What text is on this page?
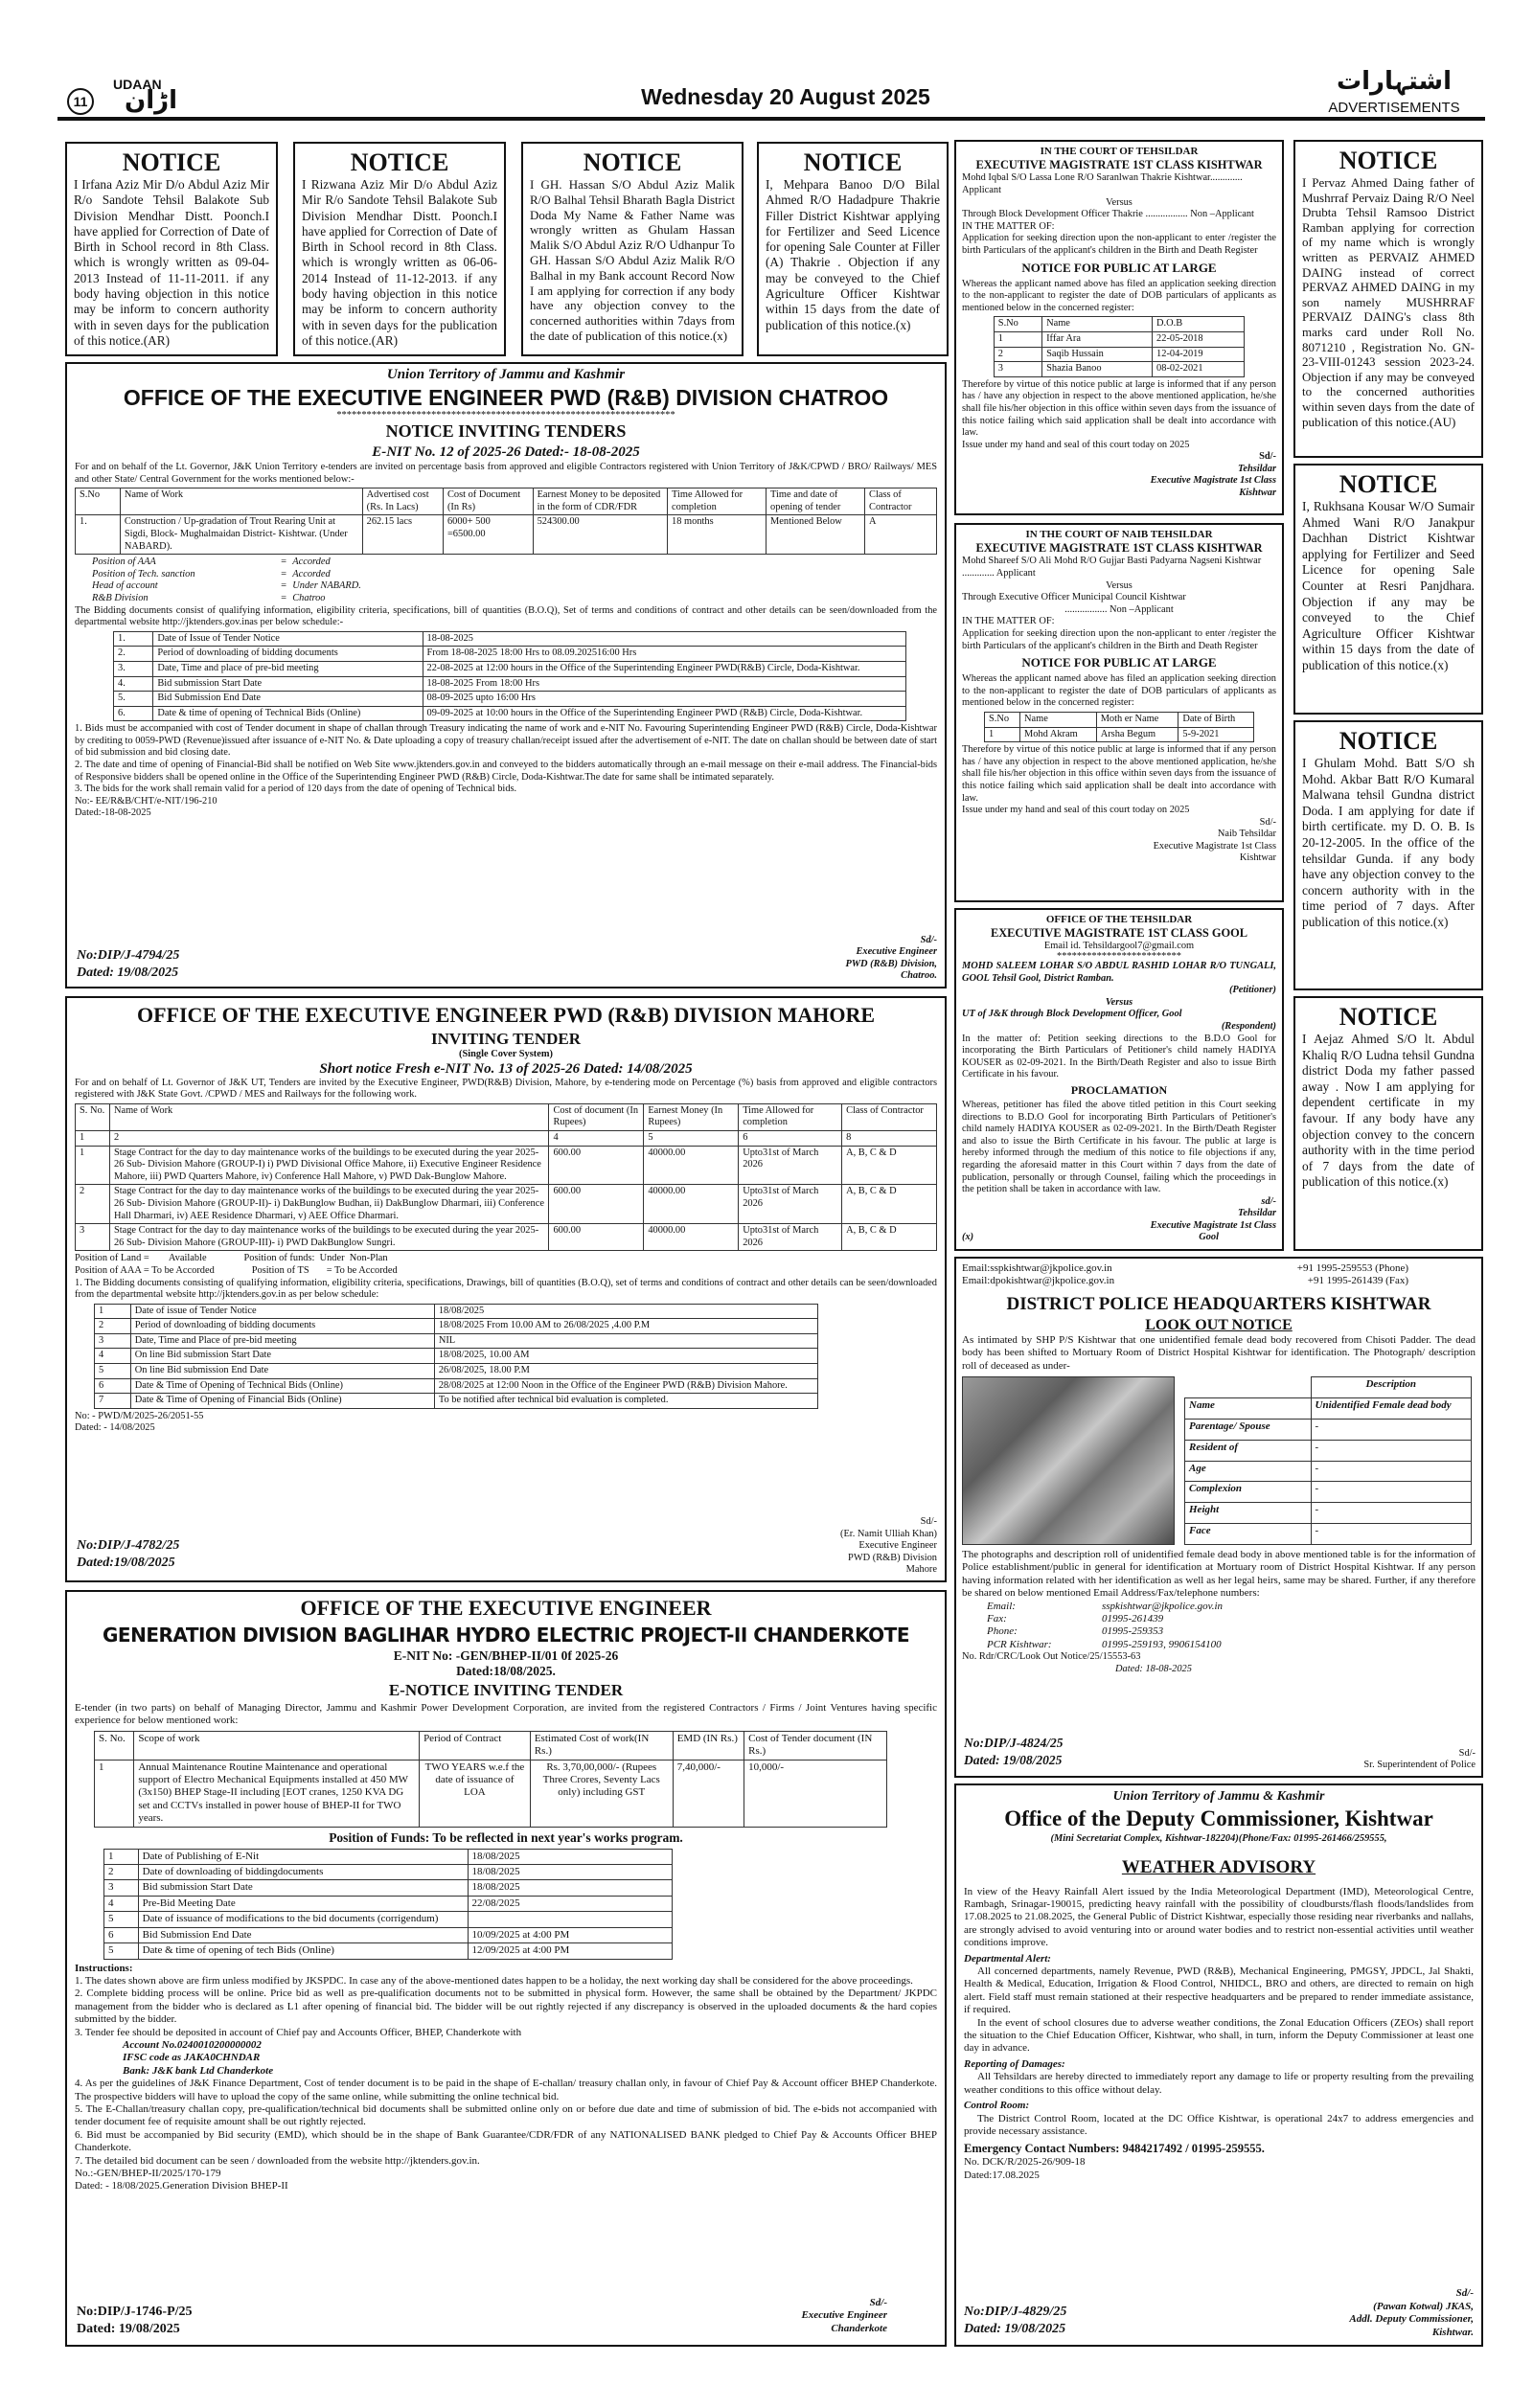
11
UDAAN
اڑان	Wednesday 20 August 2025
اشتہارات
ADVERTISEMENTS
NOTICE
I Irfana Aziz Mir D/o Abdul Aziz Mir R/o Sandote Tehsil Balakote Sub Division Mendhar Distt. Poonch.I have applied for Correction of Date of Birth in School record in 8th Class. which is wrongly written as 09-04-2013 Instead of 11-11-2011. if any body having objection in this notice may be inform to concern authority with in seven days for the publication of this notice.(AR)
NOTICE
I Rizwana Aziz Mir D/o Abdul Aziz Mir R/o Sandote Tehsil Balakote Sub Division Mendhar Distt. Poonch.I have applied for Correction of Date of Birth in School record in 8th Class. which is wrongly written as 06-06-2014 Instead of 11-12-2013. if any body having objection in this notice may be inform to concern authority with in seven days for the publication of this notice.(AR)
NOTICE
I GH. Hassan S/O Abdul Aziz Malik R/O Balhal Tehsil Bharath Bagla District Doda My Name & Father Name was wrongly written as Ghulam Hassan Malik S/O Abdul Aziz R/O Udhanpur To GH. Hassan S/O Abdul Aziz Malik R/O Balhal in my Bank account Record Now I am applying for correction if any body have any objection convey to the concerned authorities within 7days from the date of publication of this notice.(x)
NOTICE
I, Mehpara Banoo D/O Bilal Ahmed R/O Hadadpure Thakrie Filler District Kishtwar applying for Fertilizer and Seed Licence for opening Sale Counter at Filler (A) Thakrie . Objection if any may be conveyed to the Chief Agriculture Officer Kishtwar within 15 days from the date of publication of this notice.(x)
IN THE COURT OF TEHSILDAR
EXECUTIVE MAGISTRATE 1ST CLASS KISHTWAR
Mohd Iqbal S/O Lassa Lone R/O Saranlwan Thakrie Kishtwar............. Applicant
Versus
Through Block Development Officer Thakrie ................. Non –Applicant
IN THE MATTER OF:
Application for seeking direction upon the non-applicant to enter /register the birth Particulars of the applicant's children in the Birth and Death Register
NOTICE FOR PUBLIC AT LARGE
Whereas the applicant named above has filed an application seeking direction to the non-applicant to register the date of DOB particulars of applicants as mentioned below in the concerned register:
S.No	Name	D.O.B
1	Iffar Ara	22-05-2018
2	Saqib Hussain	12-04-2019
3	Shazia Banoo	08-02-2021
Therefore by virtue of this notice public at large is informed that if any person has / have any objection in respect to the above mentioned application, he/she shall file his/her objection in this office within seven days from the issuance of this notice failing which said application shall be dealt into accordance with law.
Issue under my hand and seal of this court today on 2025
Sd/-
Tehsildar
Executive Magistrate 1st Class
Kishtwar
NOTICE
I Pervaz Ahmed Daing father of Mushrraf Pervaiz Daing R/O Neel Drubta Tehsil Ramsoo District Ramban applying for correction of my name which is wrongly written as PERVAIZ AHMED DAING instead of correct PERVAZ AHMED DAING in my son namely MUSHRRAF PERVAIZ DAING's class 8th marks card under Roll No. 8071210 , Registration No. GN-23-VIII-01243 session 2023-24. Objection if any may be conveyed to the concerned authorities within seven days from the date of publication of this notice.(AU)
Union Territory of Jammu and Kashmir
OFFICE OF THE EXECUTIVE ENGINEER PWD (R&B) DIVISION CHATROO
********************************************************************
NOTICE INVITING TENDERS
E-NIT No. 12 of 2025-26 Dated:- 18-08-2025
For and on behalf of the Lt. Governor, J&K Union Territory e-tenders are invited on percentage basis from approved and eligible Contractors registered with Union Territory of J&K/CPWD / BRO/ Railways/ MES and other State/ Central Government for the works mentioned below:-
S.No	Name of Work	Advertised cost (Rs. In Lacs)	Cost of Document (In Rs)	Earnest Money to be deposited in the form of CDR/FDR	Time Allowed for completion	Time and date of opening of tender	Class of Contractor
1.	Construction / Up-gradation of Trout Rearing Unit at Sigdi, Block- Mughalmaidan District- Kishtwar. (Under NABARD).	262.15 lacs	6000+ 500 =6500.00	524300.00	18 months	Mentioned Below	A
Position of AAA	=	Accorded
Position of Tech. sanction	=	Accorded
Head of account	=	Under NABARD.
R&B Division	=	Chatroo
The Bidding documents consist of qualifying information, eligibility criteria, specifications, bill of quantities (B.O.Q), Set of terms and conditions of contract and other details can be seen/downloaded from the departmental website http://jktenders.gov.inas per below schedule:-
1.	Date of Issue of Tender Notice	18-08-2025
2.	Period of downloading of bidding documents	From 18-08-2025 18:00 Hrs to 08.09.202516:00 Hrs
3.	Date, Time and place of pre-bid meeting	22-08-2025 at 12:00 hours in the Office of the Superintending Engineer PWD(R&B) Circle, Doda-Kishtwar.
4.	Bid submission Start Date	18-08-2025 From 18:00 Hrs
5.	Bid Submission End Date	08-09-2025 upto 16:00 Hrs
6.	Date & time of opening of Technical Bids (Online)	09-09-2025 at 10:00 hours in the Office of the Superintending Engineer PWD (R&B) Circle, Doda-Kishtwar.
1. Bids must be accompanied with cost of Tender document in shape of challan through Treasury indicating the name of work and e-NIT No. Favouring Superintending Engineer PWD (R&B) Circle, Doda-Kishtwar by crediting to 0059-PWD (Revenue)issued after issuance of e-NIT No. & Date uploading a copy of treasury challan/receipt issued after the advertisement of e-NIT. The date on challan should be between date of start of bid submission and bid closing date.
2. The date and time of opening of Financial-Bid shall be notified on Web Site www.jktenders.gov.in and conveyed to the bidders automatically through an e-mail message on their e-mail address. The Financial-bids of Responsive bidders shall be opened online in the Office of the Superintending Engineer PWD (R&B) Circle, Doda-Kishtwar.The date for same shall be intimated separately.
3. The bids for the work shall remain valid for a period of 120 days from the date of opening of Technical bids.
No:- EE/R&B/CHT/e-NIT/196-210
Dated:-18-08-2025
No:DIP/J-4794/25
Dated: 19/08/2025
Sd/-
Executive Engineer
PWD (R&B) Division,
Chatroo.
IN THE COURT OF NAIB TEHSILDAR
EXECUTIVE MAGISTRATE 1ST CLASS KISHTWAR
Mohd Shareef S/O Ali Mohd R/O Gujjar Basti Padyarna Nagseni Kishtwar ............. Applicant
Versus
Through Executive Officer Municipal Council Kishtwar
................. Non –Applicant
IN THE MATTER OF:
Application for seeking direction upon the non-applicant to enter /register the birth Particulars of the applicant's children in the Birth and Death Register
NOTICE FOR PUBLIC AT LARGE
Whereas the applicant named above has filed an application seeking direction to the non-applicant to register the date of DOB particulars of applicants as mentioned below in the concerned register:
S.No	Name	Moth er Name	Date of Birth
1	Mohd Akram	Arsha Begum	5-9-2021
Therefore by virtue of this notice public at large is informed that if any person has / have any objection in respect to the above mentioned application, he/she shall file his/her objection in this office within seven days from the issuance of this notice failing which said application shall be dealt into accordance with law.
Issue under my hand and seal of this court today on 2025
Sd/-
Naib Tehsildar
Executive Magistrate 1st Class
Kishtwar
NOTICE
I, Rukhsana Kousar W/O Sumair Ahmed Wani R/O Janakpur Dachhan District Kishtwar applying for Fertilizer and Seed Licence for opening Sale Counter at Resri Panjdhara. Objection if any may be conveyed to the Chief Agriculture Officer Kishtwar within 15 days from the date of publication of this notice.(x)
NOTICE
I Ghulam Mohd. Batt S/O sh Mohd. Akbar Batt R/O Kumaral Malwana tehsil Gundna district Doda. I am applying for date if birth certificate. my D. O. B. Is 20-12-2005. In the office of the tehsildar Gunda. if any body have any objection convey to the concern authority with in the time period of 7 days. After publication of this notice.(x)
NOTICE
I Aejaz Ahmed S/O lt. Abdul Khaliq R/O Ludna tehsil Gundna district Doda my father passed away . Now I am applying for dependent certificate in my favour. If any body have any objection convey to the concern authority with in the time period of 7 days from the date of publication of this notice.(x)
OFFICE OF THE TEHSILDAR
EXECUTIVE MAGISTRATE 1ST CLASS GOOL
Email id. Tehsildargool7@gmail.com
*************************
MOHD SALEEM LOHAR S/O ABDUL RASHID LOHAR R/O TUNGALI, GOOL Tehsil Gool, District Ramban.
(Petitioner)
Versus
UT of J&K through Block Development Officer, Gool
(Respondent)
In the matter of: Petition seeking directions to the B.D.O Gool for incorporating the Birth Particulars of Petitioner's child namely HADIYA KOUSER as 02-09-2021. In the Birth/Death Register and also to issue Birth Certificate in his favour.
PROCLAMATION
Whereas, petitioner has filed the above titled petition in this Court seeking directions to B.D.O Gool for incorporating Birth Particulars of Petitioner's child namely HADIYA KOUSER as 02-09-2021. In the Birth/Death Register and also to issue the Birth Certificate in his favour. The public at large is hereby informed through the medium of this notice to file objections if any, regarding the aforesaid matter in this Court within 7 days from the date of publication, personally or through Counsel, failing which the proceedings in the petition shall be taken in accordance with law.
sd/-
Tehsildar
Executive Magistrate 1st Class
(x)	Gool
OFFICE OF THE EXECUTIVE ENGINEER PWD (R&B) DIVISION MAHORE
INVITING TENDER
(Single Cover System)
Short notice Fresh e-NIT No. 13 of 2025-26 Dated: 14/08/2025
For and on behalf of Lt. Governor of J&K UT, Tenders are invited by the Executive Engineer, PWD(R&B) Division, Mahore, by e-tendering mode on Percentage (%) basis from approved and eligible contractors registered with J&K State Govt. /CPWD / MES and Railways for the following work.
S. No.	Name of Work	Cost of document (In Rupees)	Earnest Money (In Rupees)	Time Allowed for completion	Class of Contractor
1	2	4	5	6	8
1	Stage Contract for the day to day maintenance works of the buildings to be executed during the year 2025-26 Sub- Division Mahore (GROUP-I) i) PWD Divisional Office Mahore, ii) Executive Engineer Residence Mahore, iii) PWD Quarters Mahore, iv) Conference Hall Mahore, v) PWD Dak-Bunglow Mahore.	600.00	40000.00	Upto31st of March 2026	A, B, C & D
2	Stage Contract for the day to day maintenance works of the buildings to be executed during the year 2025-26 Sub- Division Mahore (GROUP-II)- i) DakBunglow Budhan, ii) DakBunglow Dharmari, iii) Conference Hall Dharmari, iv) AEE Residence Dharmari, v) AEE Office Dharmari.	600.00	40000.00	Upto31st of March 2026	A, B, C & D
3	Stage Contract for the day to day maintenance works of the buildings to be executed during the year 2025-26 Sub- Division Mahore (GROUP-III)- i) PWD DakBunglow Sungri.	600.00	40000.00	Upto31st of March 2026	A, B, C & D
Position of Land =        Available               Position of funds:  Under  Non-Plan
Position of AAA = To be Accorded               Position of TS       = To be Accorded
1. The Bidding documents consisting of qualifying information, eligibility criteria, specifications, Drawings, bill of quantities (B.O.Q), set of terms and conditions of contract and other details can be seen/downloaded from the departmental website http://jktenders.gov.in as per below schedule:
1	Date of issue of Tender Notice	18/08/2025
2	Period of downloading of bidding documents	18/08/2025 From 10.00 AM to 26/08/2025 ,4.00 P.M
3	Date, Time and Place of pre-bid meeting	NIL
4	On line Bid submission Start Date	18/08/2025, 10.00 AM
5	On line Bid submission End Date	26/08/2025, 18.00 P.M
6	Date & Time of Opening of Technical Bids (Online)	28/08/2025 at 12:00 Noon in the Office of the Engineer PWD (R&B) Division Mahore.
7	Date & Time of Opening of Financial Bids (Online)	To be notified after technical bid evaluation is completed.
No: - PWD/M/2025-26/2051-55
Dated: - 14/08/2025
No:DIP/J-4782/25
Dated:19/08/2025
Sd/-
(Er. Namit Ulliah Khan)
Executive Engineer
PWD (R&B) Division
Mahore
Email:sspkishtwar@jkpolice.gov.in	+91 1995-259553 (Phone)
Email:dpokishtwar@jkpolice.gov.in	+91 1995-261439 (Fax)
DISTRICT POLICE HEADQUARTERS KISHTWAR
LOOK OUT NOTICE
As intimated by SHP P/S Kishtwar that one unidentified female dead body recovered from Chisoti Padder. The dead body has been shifted to Mortuary Room of District Hospital Kishtwar for identification. The Photograph/ description roll of deceased as under-
	Description
Name	Unidentified Female dead body
Parentage/ Spouse	-
Resident of	-
Age	-
Complexion	-
Height	-
Face	-
The photographs and description roll of unidentified female dead body in above mentioned table is for the information of Police establishment/public in general for identification at Mortuary room of District Hospital Kishtwar. If any person having information related with her identification as well as her legal heirs, same may be shared. Further, if any therefore be shared on below mentioned Email Address/Fax/telephone numbers:
Email:	sspkishtwar@jkpolice.gov.in
Fax:	01995-261439
Phone:	01995-259353
PCR Kishtwar:	01995-259193, 9906154100
No. Rdr/CRC/Look Out Notice/25/15553-63
Dated: 18-08-2025
No:DIP/J-4824/25
Dated: 19/08/2025	Sd/-
Sr. Superintendent of Police
OFFICE OF THE EXECUTIVE ENGINEER
GENERATION DIVISION BAGLIHAR HYDRO ELECTRIC PROJECT-II CHANDERKOTE
E-NIT No: -GEN/BHEP-II/01 0f 2025-26
Dated:18/08/2025.
E-NOTICE INVITING TENDER
E-tender (in two parts) on behalf of Managing Director, Jammu and Kashmir Power Development Corporation, are invited from the registered Contractors / Firms / Joint Ventures having specific experience for below mentioned work:
S. No.	Scope of work	Period of Contract	Estimated Cost of work(IN Rs.)	EMD (IN Rs.)	Cost of Tender document (IN Rs.)
1	Annual Maintenance Routine Maintenance and operational support of Electro Mechanical Equipments installed at 450 MW (3x150) BHEP Stage-II including [EOT cranes, 1250 KVA DG set and CCTVs installed in power house of BHEP-II for TWO years.	TWO YEARS w.e.f the date of issuance of LOA	Rs. 3,70,00,000/- (Rupees Three Crores, Seventy Lacs only) including GST	7,40,000/-	10,000/-
Position of Funds: To be reflected in next year's works program.
1	Date of Publishing of E-Nit	18/08/2025
2	Date of downloading of biddingdocuments	18/08/2025
3	Bid submission Start Date	18/08/2025
4	Pre-Bid Meeting Date	22/08/2025
5	Date of issuance of modifications to the bid documents (corrigendum)	
6	Bid Submission End Date	10/09/2025 at 4:00 PM
5	Date & time of opening of tech Bids (Online)	12/09/2025 at 4:00 PM
Instructions:
1. The dates shown above are firm unless modified by JKSPDC. In case any of the above-mentioned dates happen to be a holiday, the next working day shall be considered for the above proceedings.
2. Complete bidding process will be online. Price bid as well as pre-qualification documents not to be submitted in physical form. However, the same shall be obtained by the Department/ JKPDC management from the bidder who is declared as L1 after opening of financial bid. The bidder will be out rightly rejected if any discrepancy is observed in the uploaded documents & the hard copies submitted by the bidder.
3. Tender fee should be deposited in account of Chief pay and Accounts Officer, BHEP, Chanderkote with
Account No.0240010200000002
IFSC code as JAKA0CHNDAR
Bank: J&K bank Ltd Chanderkote
4. As per the guidelines of J&K Finance Department, Cost of tender document is to be paid in the shape of E-challan/ treasury challan only, in favour of Chief Pay & Account officer BHEP Chanderkote. The prospective bidders will have to upload the copy of the same online, while submitting the online technical bid.
5. The E-Challan/treasury challan copy, pre-qualification/technical bid documents shall be submitted online only on or before due date and time of submission of bid. The e-bids not accompanied with tender document fee of requisite amount shall be out rightly rejected.
6. Bid must be accompanied by Bid security (EMD), which should be in the shape of Bank Guarantee/CDR/FDR of any NATIONALISED BANK pledged to Chief Pay & Accounts Officer BHEP Chanderkote.
7. The detailed bid document can be seen / downloaded from the website http://jktenders.gov.in.
No.:-GEN/BHEP-II/2025/170-179
Dated: - 18/08/2025.Generation Division BHEP-II
No:DIP/J-1746-P/25
Dated: 19/08/2025
Sd/-
Executive Engineer
Chanderkote
Union Territory of Jammu & Kashmir
Office of the Deputy Commissioner, Kishtwar
(Mini Secretariat Complex, Kishtwar-182204)(Phone/Fax: 01995-261466/259555,
WEATHER ADVISORY
In view of the Heavy Rainfall Alert issued by the India Meteorological Department (IMD), Meteorological Centre, Rambagh, Srinagar-190015, predicting heavy rainfall with the possibility of cloudbursts/flash floods/landslides from 17.08.2025 to 21.08.2025, the General Public of District Kishtwar, especially those residing near riverbanks and nallahs, are strongly advised to avoid venturing into or around water bodies and to restrict non-essential activities until weather conditions improve.
Departmental Alert:
All concerned departments, namely Revenue, PWD (R&B), Mechanical Engineering, PMGSY, JPDCL, Jal Shakti, Health & Medical, Education, Irrigation & Flood Control, NHIDCL, BRO and others, are directed to remain on high alert. Field staff must remain stationed at their respective headquarters and be prepared to render immediate assistance, if required.
In the event of school closures due to adverse weather conditions, the Zonal Education Officers (ZEOs) shall report the situation to the Chief Education Officer, Kishtwar, who shall, in turn, inform the Deputy Commissioner at least one day in advance.
Reporting of Damages:
All Tehsildars are hereby directed to immediately report any damage to life or property resulting from the prevailing weather conditions to this office without delay.
Control Room:
The District Control Room, located at the DC Office Kishtwar, is operational 24x7 to address emergencies and provide necessary assistance.
Emergency Contact Numbers: 9484217492 / 01995-259555.
No. DCK/R/2025-26/909-18
Dated:17.08.2025
No:DIP/J-4829/25
Dated: 19/08/2025
Sd/-
(Pawan Kotwal) JKAS,
Addl. Deputy Commissioner,
Kishtwar.
